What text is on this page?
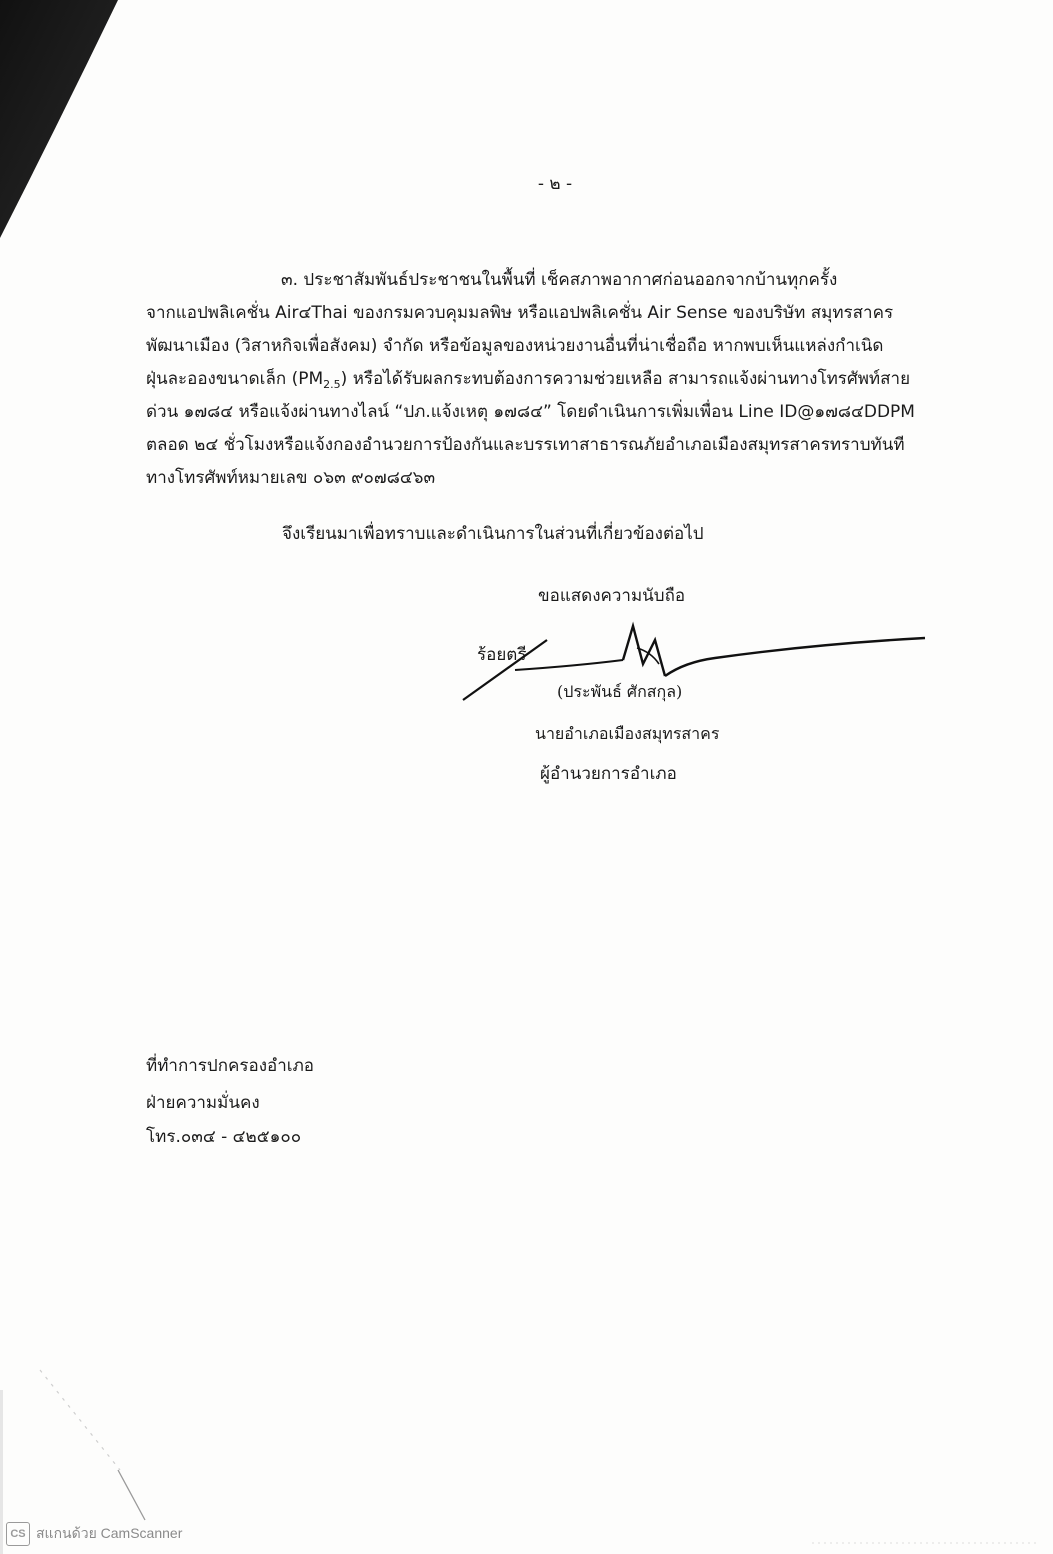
- ๒ -
๓. ประชาสัมพันธ์ประชาชนในพื้นที่ เช็คสภาพอากาศก่อนออกจากบ้านทุกครั้ง
จากแอปพลิเคชั่น Air๔Thai ของกรมควบคุมมลพิษ หรือแอปพลิเคชั่น Air Sense ของบริษัท สมุทรสาคร
พัฒนาเมือง (วิสาหกิจเพื่อสังคม) จำกัด หรือข้อมูลของหน่วยงานอื่นที่น่าเชื่อถือ หากพบเห็นแหล่งกำเนิด
ฝุ่นละอองขนาดเล็ก $(PM_{2.5})$ หรือได้รับผลกระทบต้องการความช่วยเหลือ สามารถแจ้งผ่านทางโทรศัพท์สาย
ด่วน ๑๗๘๔ หรือแจ้งผ่านทางไลน์ “ปภ.แจ้งเหตุ ๑๗๘๔” โดยดำเนินการเพิ่มเพื่อน Line ID@๑๗๘๔DDPM
ตลอด ๒๔ ชั่วโมงหรือแจ้งกองอำนวยการป้องกันและบรรเทาสาธารณภัยอำเภอเมืองสมุทรสาครทราบทันที
ทางโทรศัพท์หมายเลข ๐๖๓ ๙๐๗๘๔๖๓
จึงเรียนมาเพื่อทราบและดำเนินการในส่วนที่เกี่ยวข้องต่อไป
ขอแสดงความนับถือ
ร้อยตรี
(ประพันธ์ ศักสกุล)
นายอำเภอเมืองสมุทรสาคร
ผู้อำนวยการอำเภอ
ที่ทำการปกครองอำเภอ
ฝ่ายความมั่นคง
โทร.๐๓๔ - ๔๒๕๑๐๐
CS สแกนด้วย CamScanner
